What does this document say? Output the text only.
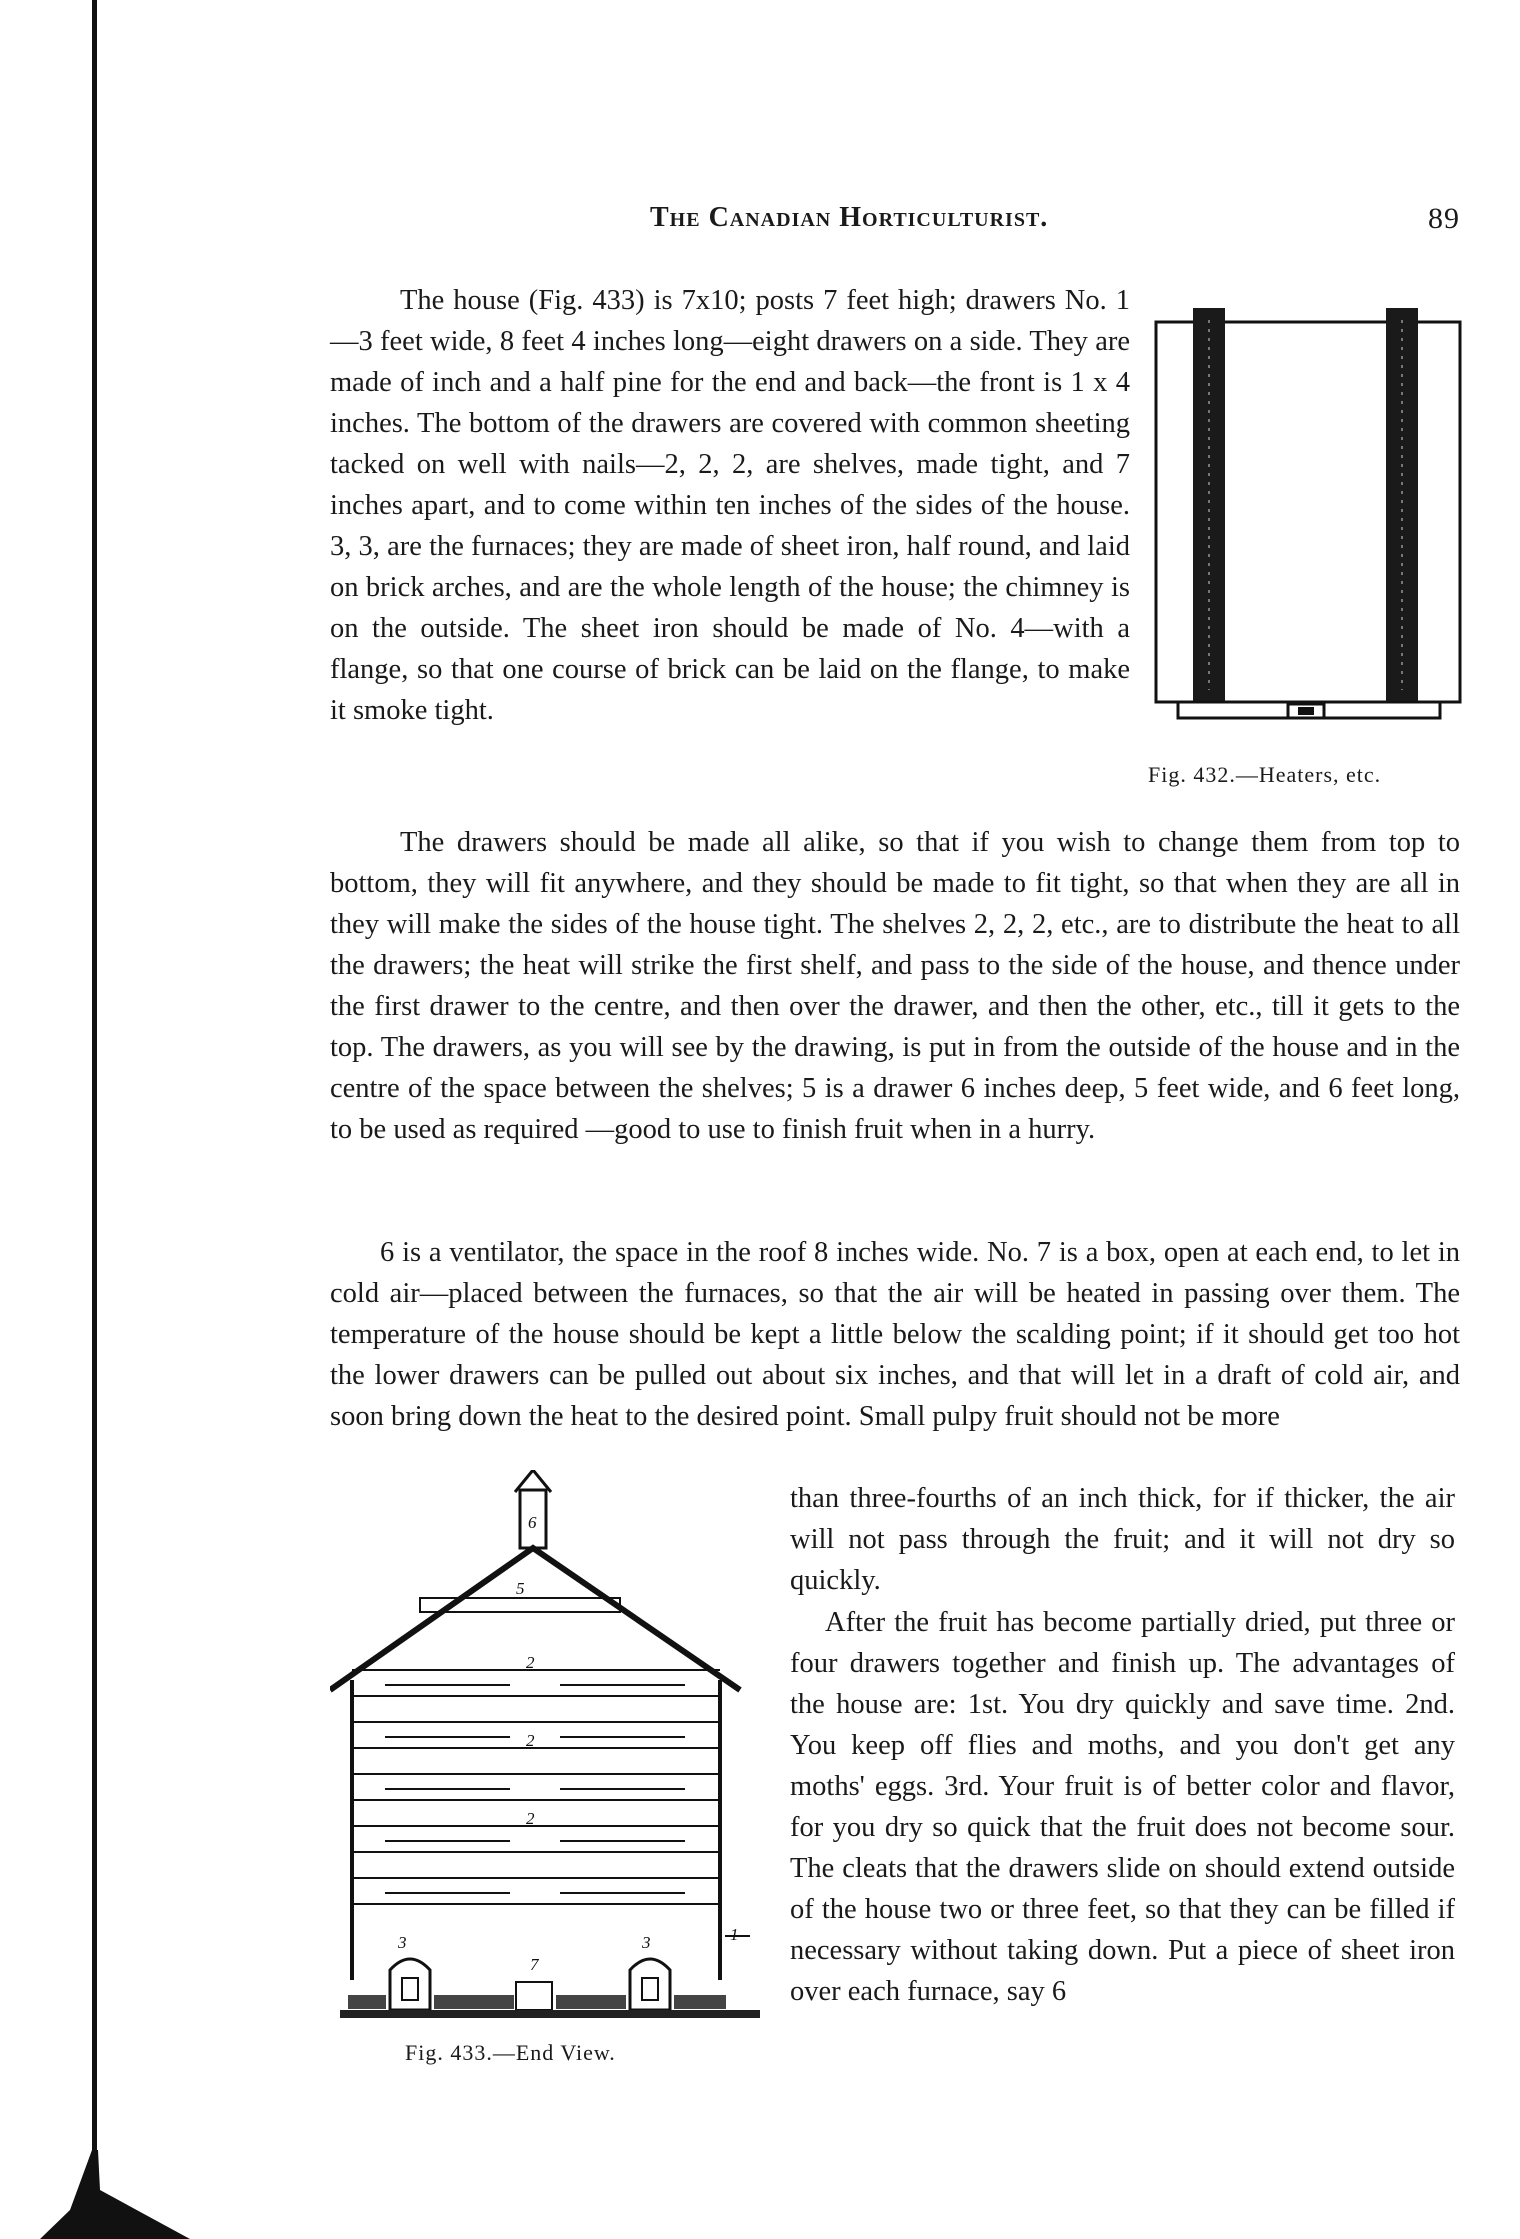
The Canadian Horticulturist.	89

The house (Fig. 433) is 7x10; posts 7 feet high; drawers No. 1—3 feet wide, 8 feet 4 inches long—eight drawers on a side. They are made of inch and a half pine for the end and back—the front is 1 x 4 inches. The bottom of the drawers are covered with common sheeting tacked on well with nails—2, 2, 2, are shelves, made tight, and 7 inches apart, and to come within ten inches of the sides of the house. 3, 3, are the furnaces; they are made of sheet iron, half round, and laid on brick arches, and are the whole length of the house; the chimney is on the outside. The sheet iron should be made of No. 4—with a flange, so that one course of brick can be laid on the flange, to make it smoke tight.

Fig. 432.—Heaters, etc.

The drawers should be made all alike, so that if you wish to change them from top to bottom, they will fit anywhere, and they should be made to fit tight, so that when they are all in they will make the sides of the house tight. The shelves 2, 2, 2, etc., are to distribute the heat to all the drawers; the heat will strike the first shelf, and pass to the side of the house, and thence under the first drawer to the centre, and then over the drawer, and then the other, etc., till it gets to the top. The drawers, as you will see by the drawing, is put in from the outside of the house and in the centre of the space between the shelves; 5 is a drawer 6 inches deep, 5 feet wide, and 6 feet long, to be used as required —good to use to finish fruit when in a hurry.

6 is a ventilator, the space in the roof 8 inches wide. No. 7 is a box, open at each end, to let in cold air—placed between the furnaces, so that the air will be heated in passing over them. The temperature of the house should be kept a little below the scalding point; if it should get too hot the lower drawers can be pulled out about six inches, and that will let in a draft of cold air, and soon bring down the heat to the desired point. Small pulpy fruit should not be more

6
5
2
2
2
1
3	3
7
Fig. 433.—End View.

than three-fourths of an inch thick, for if thicker, the air will not pass through the fruit; and it will not dry so quickly.

After the fruit has become partially dried, put three or four drawers together and finish up. The advantages of the house are: 1st. You dry quickly and save time. 2nd. You keep off flies and moths, and you don't get any moths' eggs. 3rd. Your fruit is of better color and flavor, for you dry so quick that the fruit does not become sour. The cleats that the drawers slide on should extend outside of the house two or three feet, so that they can be filled if necessary without taking down. Put a piece of sheet iron over each furnace, say 6
